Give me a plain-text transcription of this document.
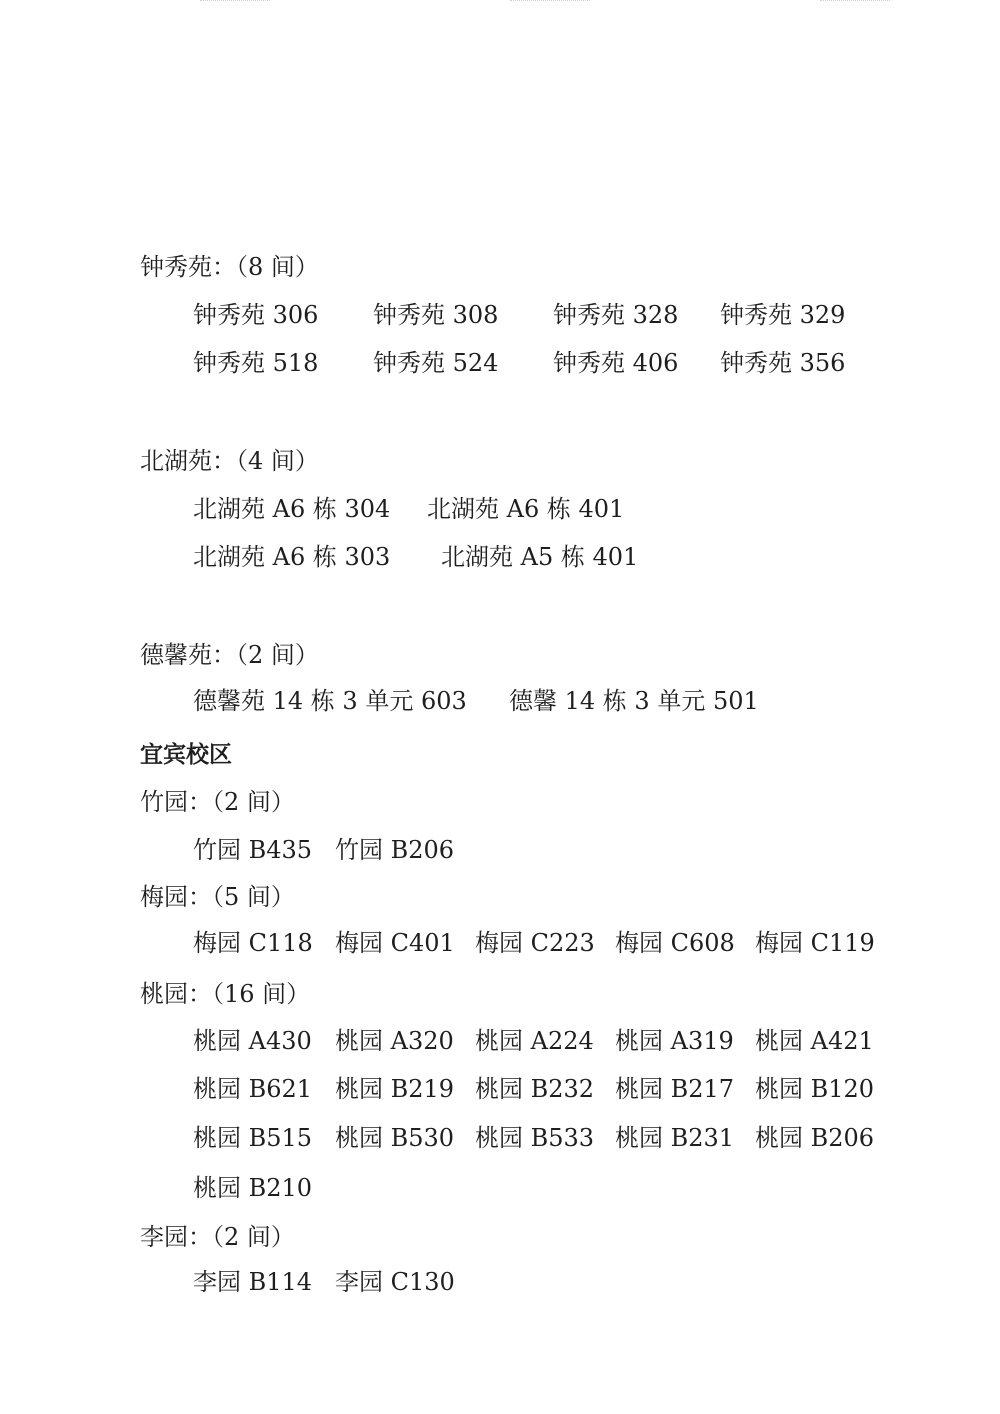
钟秀苑：（8 间）
钟秀苑 306 钟秀苑 308 钟秀苑 328 钟秀苑 329
钟秀苑 518 钟秀苑 524 钟秀苑 406 钟秀苑 356
北湖苑：（4 间）
北湖苑 A6 栋 304 北湖苑 A6 栋 401
北湖苑 A6 栋 303 北湖苑 A5 栋 401
德馨苑：（2 间）
德馨苑 14 栋 3 单元 603 德馨 14 栋 3 单元 501
宜宾校区
竹园：（2 间）
竹园 B435 竹园 B206
梅园：（5 间）
梅园 C118 梅园 C401 梅园 C223 梅园 C608 梅园 C119
桃园：（16 间）
桃园 A430 桃园 A320 桃园 A224 桃园 A319 桃园 A421
桃园 B621 桃园 B219 桃园 B232 桃园 B217 桃园 B120
桃园 B515 桃园 B530 桃园 B533 桃园 B231 桃园 B206
桃园 B210
李园：（2 间）
李园 B114 李园 C130
